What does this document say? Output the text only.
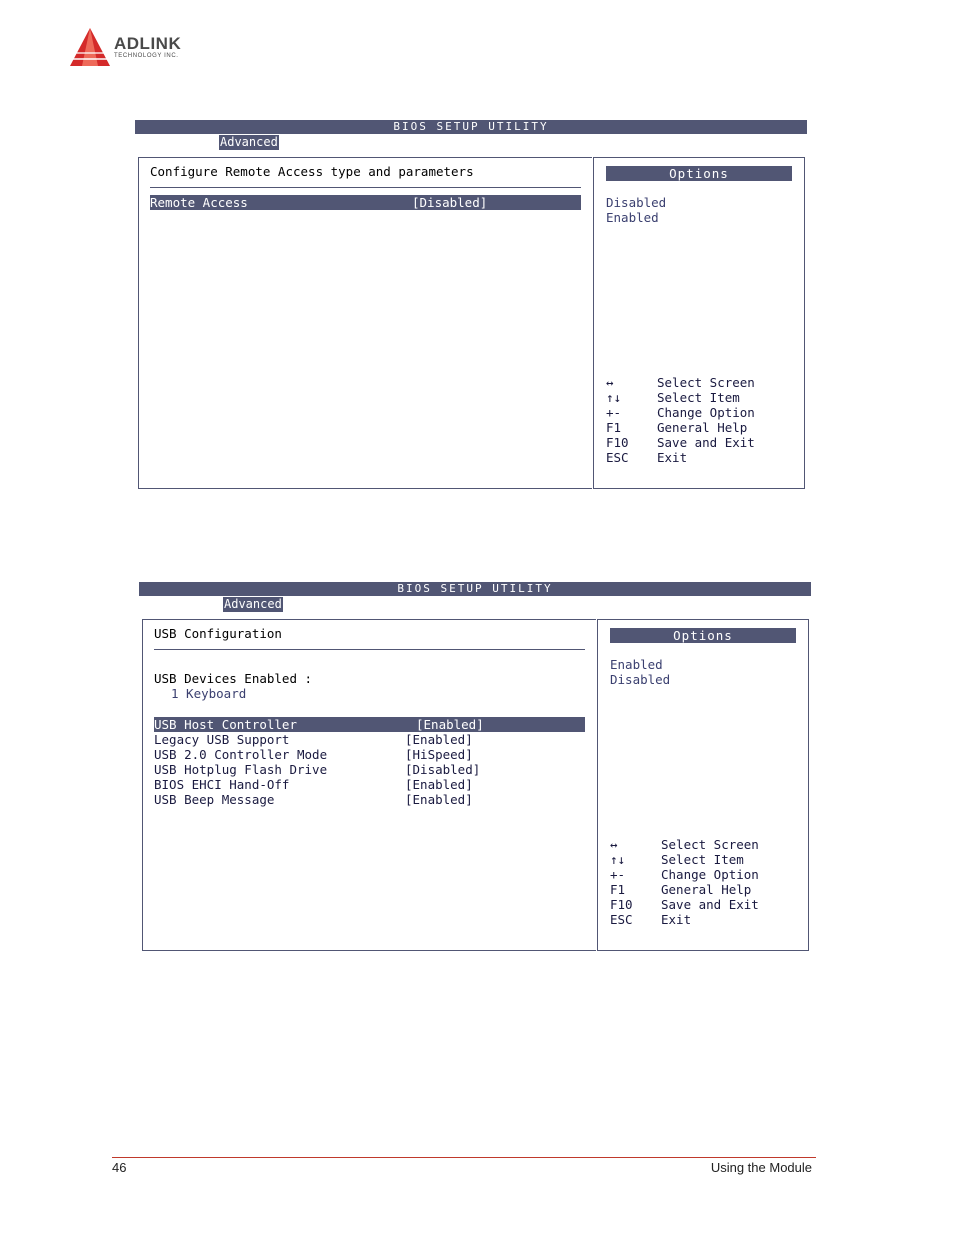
ADLINK
TECHNOLOGY INC.
BIOS SETUP UTILITY
Advanced
Configure Remote Access type and parameters
Remote Access	[Disabled]
Options
Disabled
Enabled
↔	Select Screen
↑↓	Select Item
+-	Change Option
F1	General Help
F10 Save and Exit
ESC Exit
BIOS SETUP UTILITY
Advanced
USB Configuration
USB Devices Enabled :
1 Keyboard
USB Host Controller	[Enabled]
Legacy USB Support	[Enabled]
USB 2.0 Controller Mode	[HiSpeed]
USB Hotplug Flash Drive	[Disabled]
BIOS EHCI Hand-Off	[Enabled]
USB Beep Message	[Enabled]
Options
Enabled
Disabled
↔	Select Screen
↑↓	Select Item
+-	Change Option
F1	General Help
F10 Save and Exit
ESC Exit
46	Using the Module
